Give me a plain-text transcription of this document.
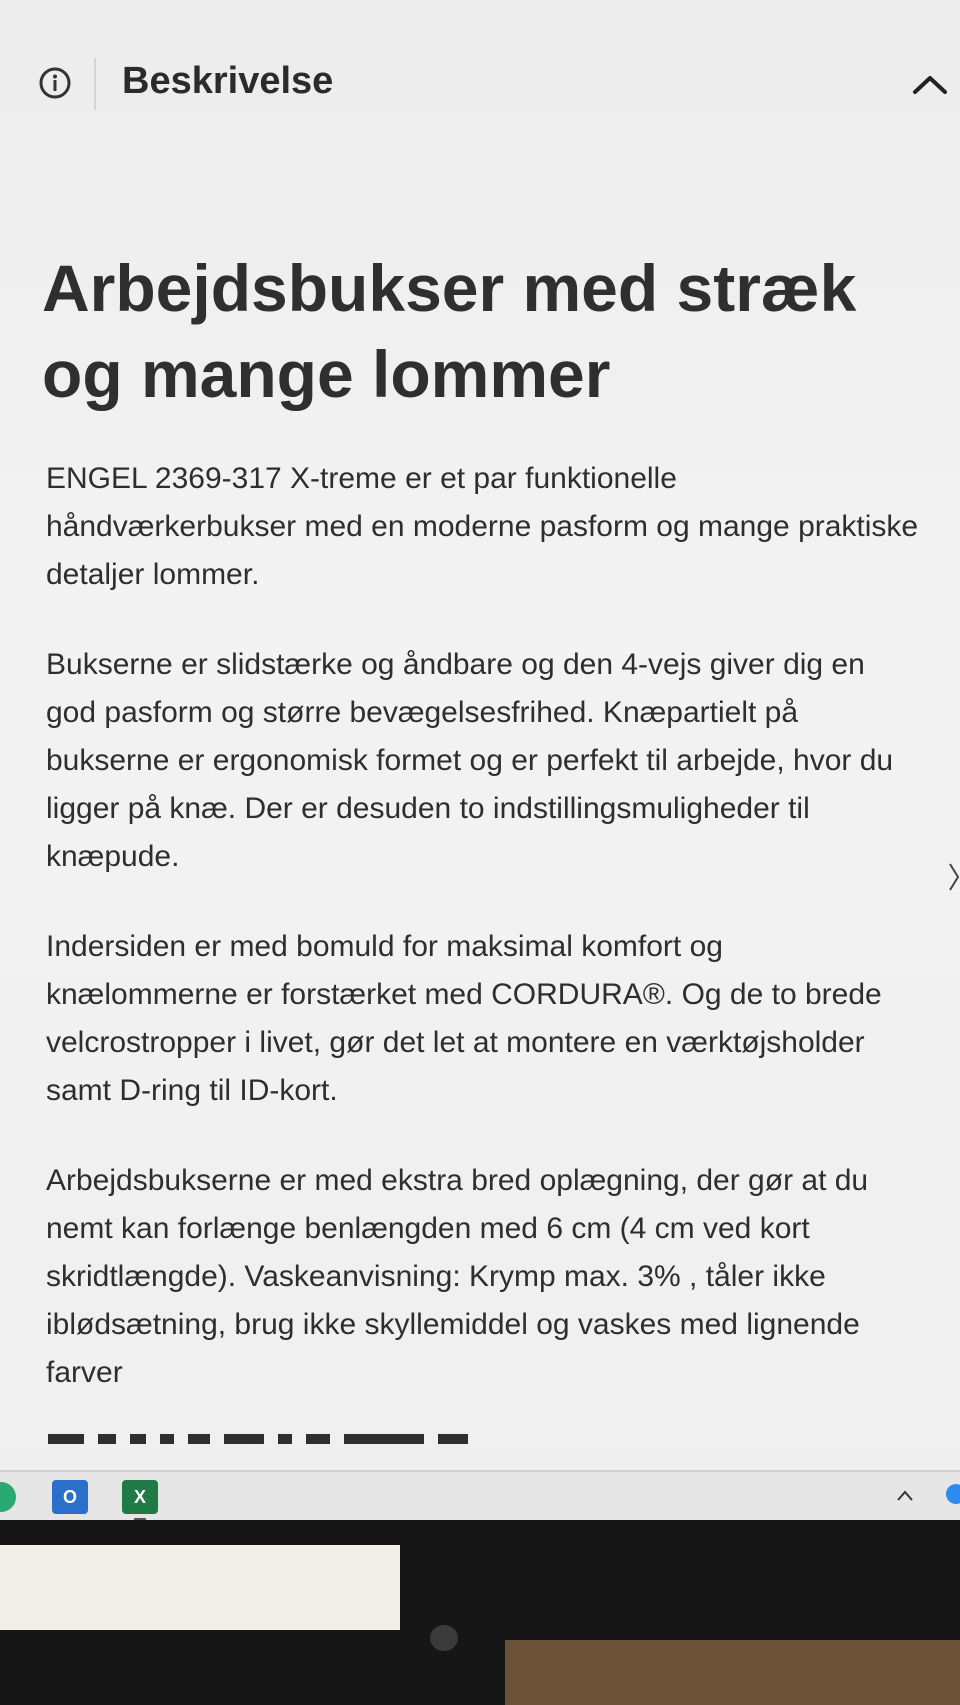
Beskrivelse
Arbejdsbukser med stræk og mange lommer

ENGEL 2369-317 X-treme er et par funktionelle håndværkerbukser med en moderne pasform og mange praktiske detaljer lommer.

Bukserne er slidstærke og åndbare og den 4-vejs giver dig en god pasform og større bevægelsesfrihed. Knæpartielt på bukserne er ergonomisk formet og er perfekt til arbejde, hvor du ligger på knæ. Der er desuden to indstillingsmuligheder til knæpude.

Indersiden er med bomuld for maksimal komfort og knælommerne er forstærket med CORDURA®. Og de to brede velcrostropper i livet, gør det let at montere en værktøjsholder samt D-ring til ID-kort.

Arbejdsbukserne er med ekstra bred oplægning, der gør at du nemt kan forlænge benlængden med 6 cm (4 cm ved kort skridtlængde). Vaskeanvisning: Krymp max. 3% , tåler ikke iblødsætning, brug ikke skyllemiddel og vaskes med lignende farver

O	X
